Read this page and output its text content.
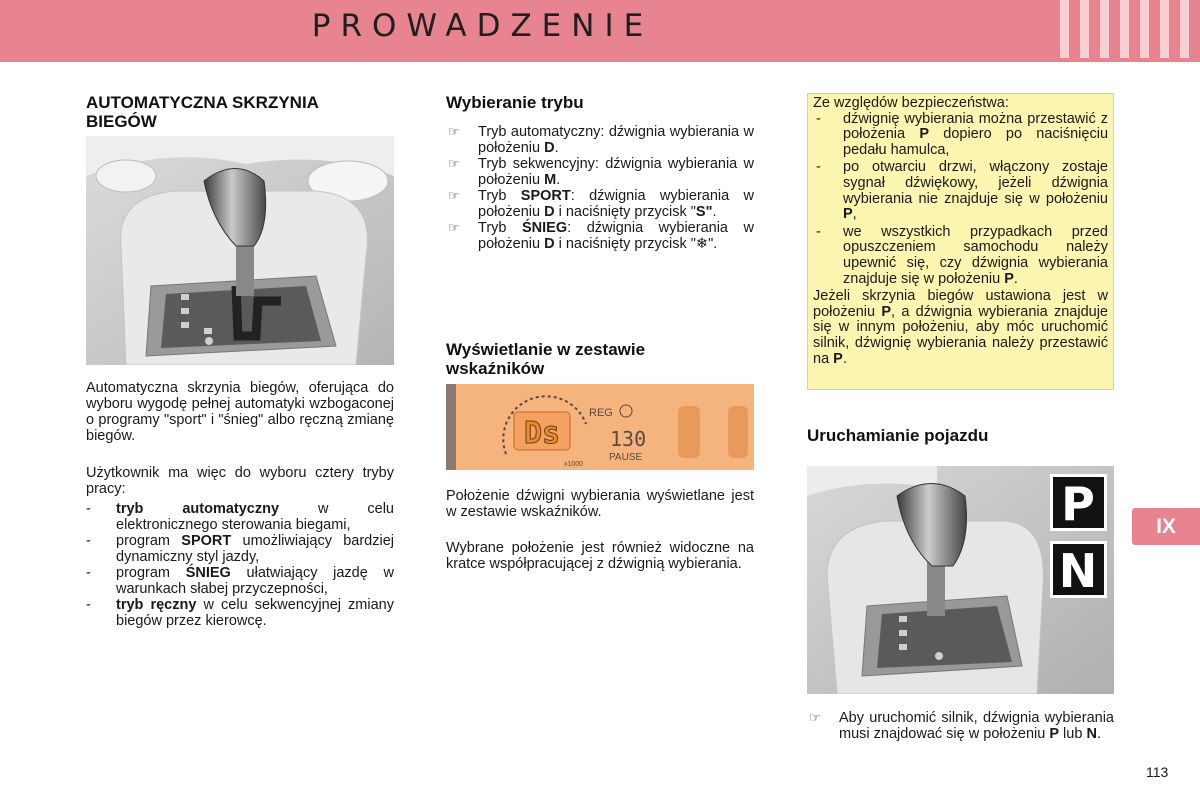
PROWADZENIE
AUTOMATYCZNA SKRZYNIA BIEGÓW

Automatyczna skrzynia biegów, oferująca do wyboru wygodę pełnej automatyki wzbogaconej o programy "sport" i "śnieg" albo ręczną zmianę biegów.

Użytkownik ma więc do wyboru cztery tryby pracy:

- tryb automatyczny w celu elektronicznego sterowania biegami,
- program SPORT umożliwiający bardziej dynamiczny styl jazdy,
- program ŚNIEG ułatwiający jazdę w warunkach słabej przyczepności,
- tryb ręczny w celu sekwencyjnej zmiany biegów przez kierowcę.
Wybieranie trybu
☞ Tryb automatyczny: dźwignia wybierania w położeniu D.
☞ Tryb sekwencyjny: dźwignia wybierania w położeniu M.
☞ Tryb SPORT: dźwignia wybierania w położeniu D i naciśnięty przycisk "S".
☞ Tryb ŚNIEG: dźwignia wybierania w położeniu D i naciśnięty przycisk "❄".
Wyświetlanie w zestawie wskaźników
Ds
REG
130
PAUSE
x1000

Położenie dźwigni wybierania wyświetlane jest w zestawie wskaźników.

Wybrane położenie jest również widoczne na kratce współpracującej z dźwignią wybierania.

Ze względów bezpieczeństwa:

- dźwignię wybierania można przestawić z położenia P dopiero po naciśnięciu pedału hamulca,
- po otwarciu drzwi, włączony zostaje sygnał dźwiękowy, jeżeli dźwignia wybierania nie znajduje się w położeniu P,
- we wszystkich przypadkach przed opuszczeniem samochodu należy upewnić się, czy dźwignia wybierania znajduje się w położeniu P.

Jeżeli skrzynia biegów ustawiona jest w położeniu P, a dźwignia wybierania znajduje się w innym położeniu, aby móc uruchomić silnik, dźwignię wybierania należy przestawić na P.

Uruchamianie pojazdu
P
N
☞ Aby uruchomić silnik, dźwignia wybierania musi znajdować się w położeniu P lub N.
IX
113
